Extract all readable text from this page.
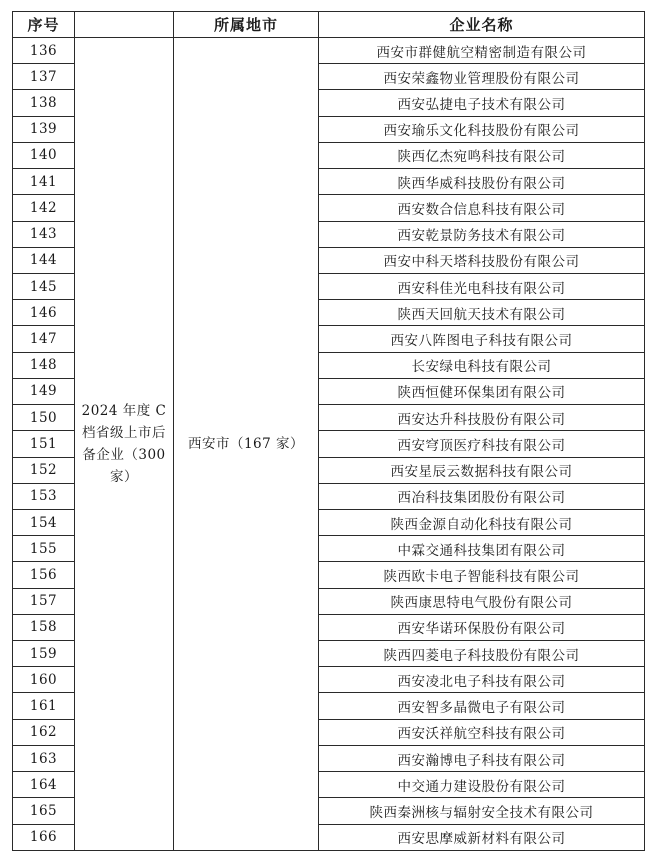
序号		所属地市	企业名称
136	2024 年度 C 档省级上市后备企业（300 家）	西安市（167 家）	西安市群健航空精密制造有限公司
137			西安荣鑫物业管理股份有限公司
138			西安弘捷电子技术有限公司
139			西安瑜乐文化科技股份有限公司
140			陕西亿杰宛鸣科技有限公司
141			陕西华威科技股份有限公司
142			西安数合信息科技有限公司
143			西安乾景防务技术有限公司
144			西安中科天塔科技股份有限公司
145			西安科佳光电科技有限公司
146			陕西天回航天技术有限公司
147			西安八阵图电子科技有限公司
148			长安绿电科技有限公司
149			陕西恒健环保集团有限公司
150			西安达升科技股份有限公司
151			西安穹顶医疗科技有限公司
152			西安星辰云数据科技有限公司
153			西冶科技集团股份有限公司
154			陕西金源自动化科技有限公司
155			中霖交通科技集团有限公司
156			陕西欧卡电子智能科技有限公司
157			陕西康思特电气股份有限公司
158			西安华诺环保股份有限公司
159			陕西四菱电子科技股份有限公司
160			西安凌北电子科技有限公司
161			西安智多晶微电子有限公司
162			西安沃祥航空科技有限公司
163			西安瀚博电子科技有限公司
164			中交通力建设股份有限公司
165			陕西秦洲核与辐射安全技术有限公司
166			西安思摩威新材料有限公司
